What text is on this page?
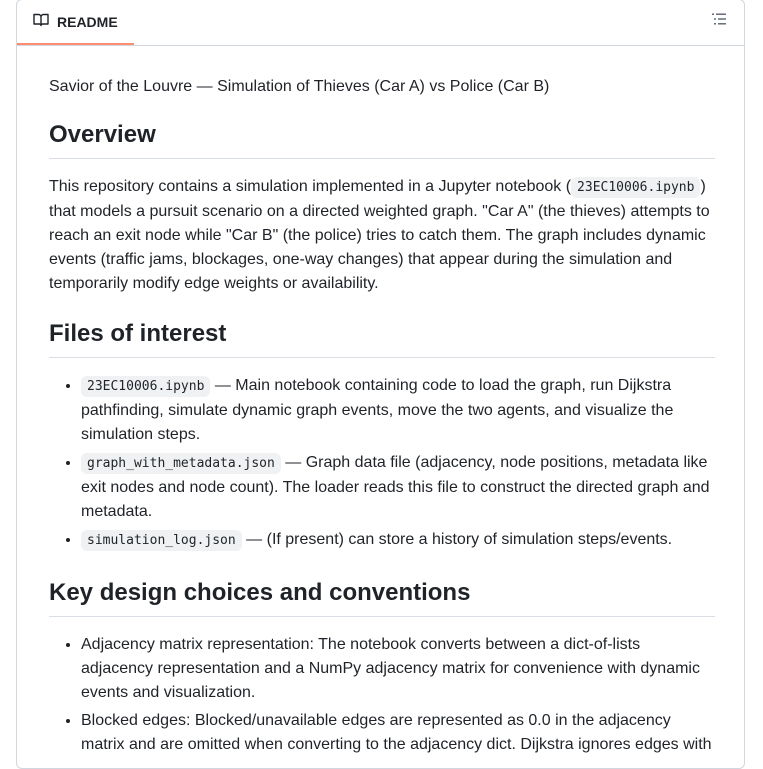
README

Savior of the Louvre — Simulation of Thieves (Car A) vs Police (Car B)

Overview

This repository contains a simulation implemented in a Jupyter notebook ( 23EC10006.ipynb ) that models a pursuit scenario on a directed weighted graph. "Car A" (the thieves) attempts to reach an exit node while "Car B" (the police) tries to catch them. The graph includes dynamic events (traffic jams, blockages, one-way changes) that appear during the simulation and temporarily modify edge weights or availability.

Files of interest
• 23EC10006.ipynb — Main notebook containing code to load the graph, run Dijkstra pathfinding, simulate dynamic graph events, move the two agents, and visualize the simulation steps.
• graph_with_metadata.json — Graph data file (adjacency, node positions, metadata like exit nodes and node count). The loader reads this file to construct the directed graph and metadata.
• simulation_log.json — (If present) can store a history of simulation steps/events.
Key design choices and conventions
• Adjacency matrix representation: The notebook converts between a dict-of-lists adjacency representation and a NumPy adjacency matrix for convenience with dynamic events and visualization.
• Blocked edges: Blocked/unavailable edges are represented as 0.0 in the adjacency matrix and are omitted when converting to the adjacency dict. Dijkstra ignores edges with
